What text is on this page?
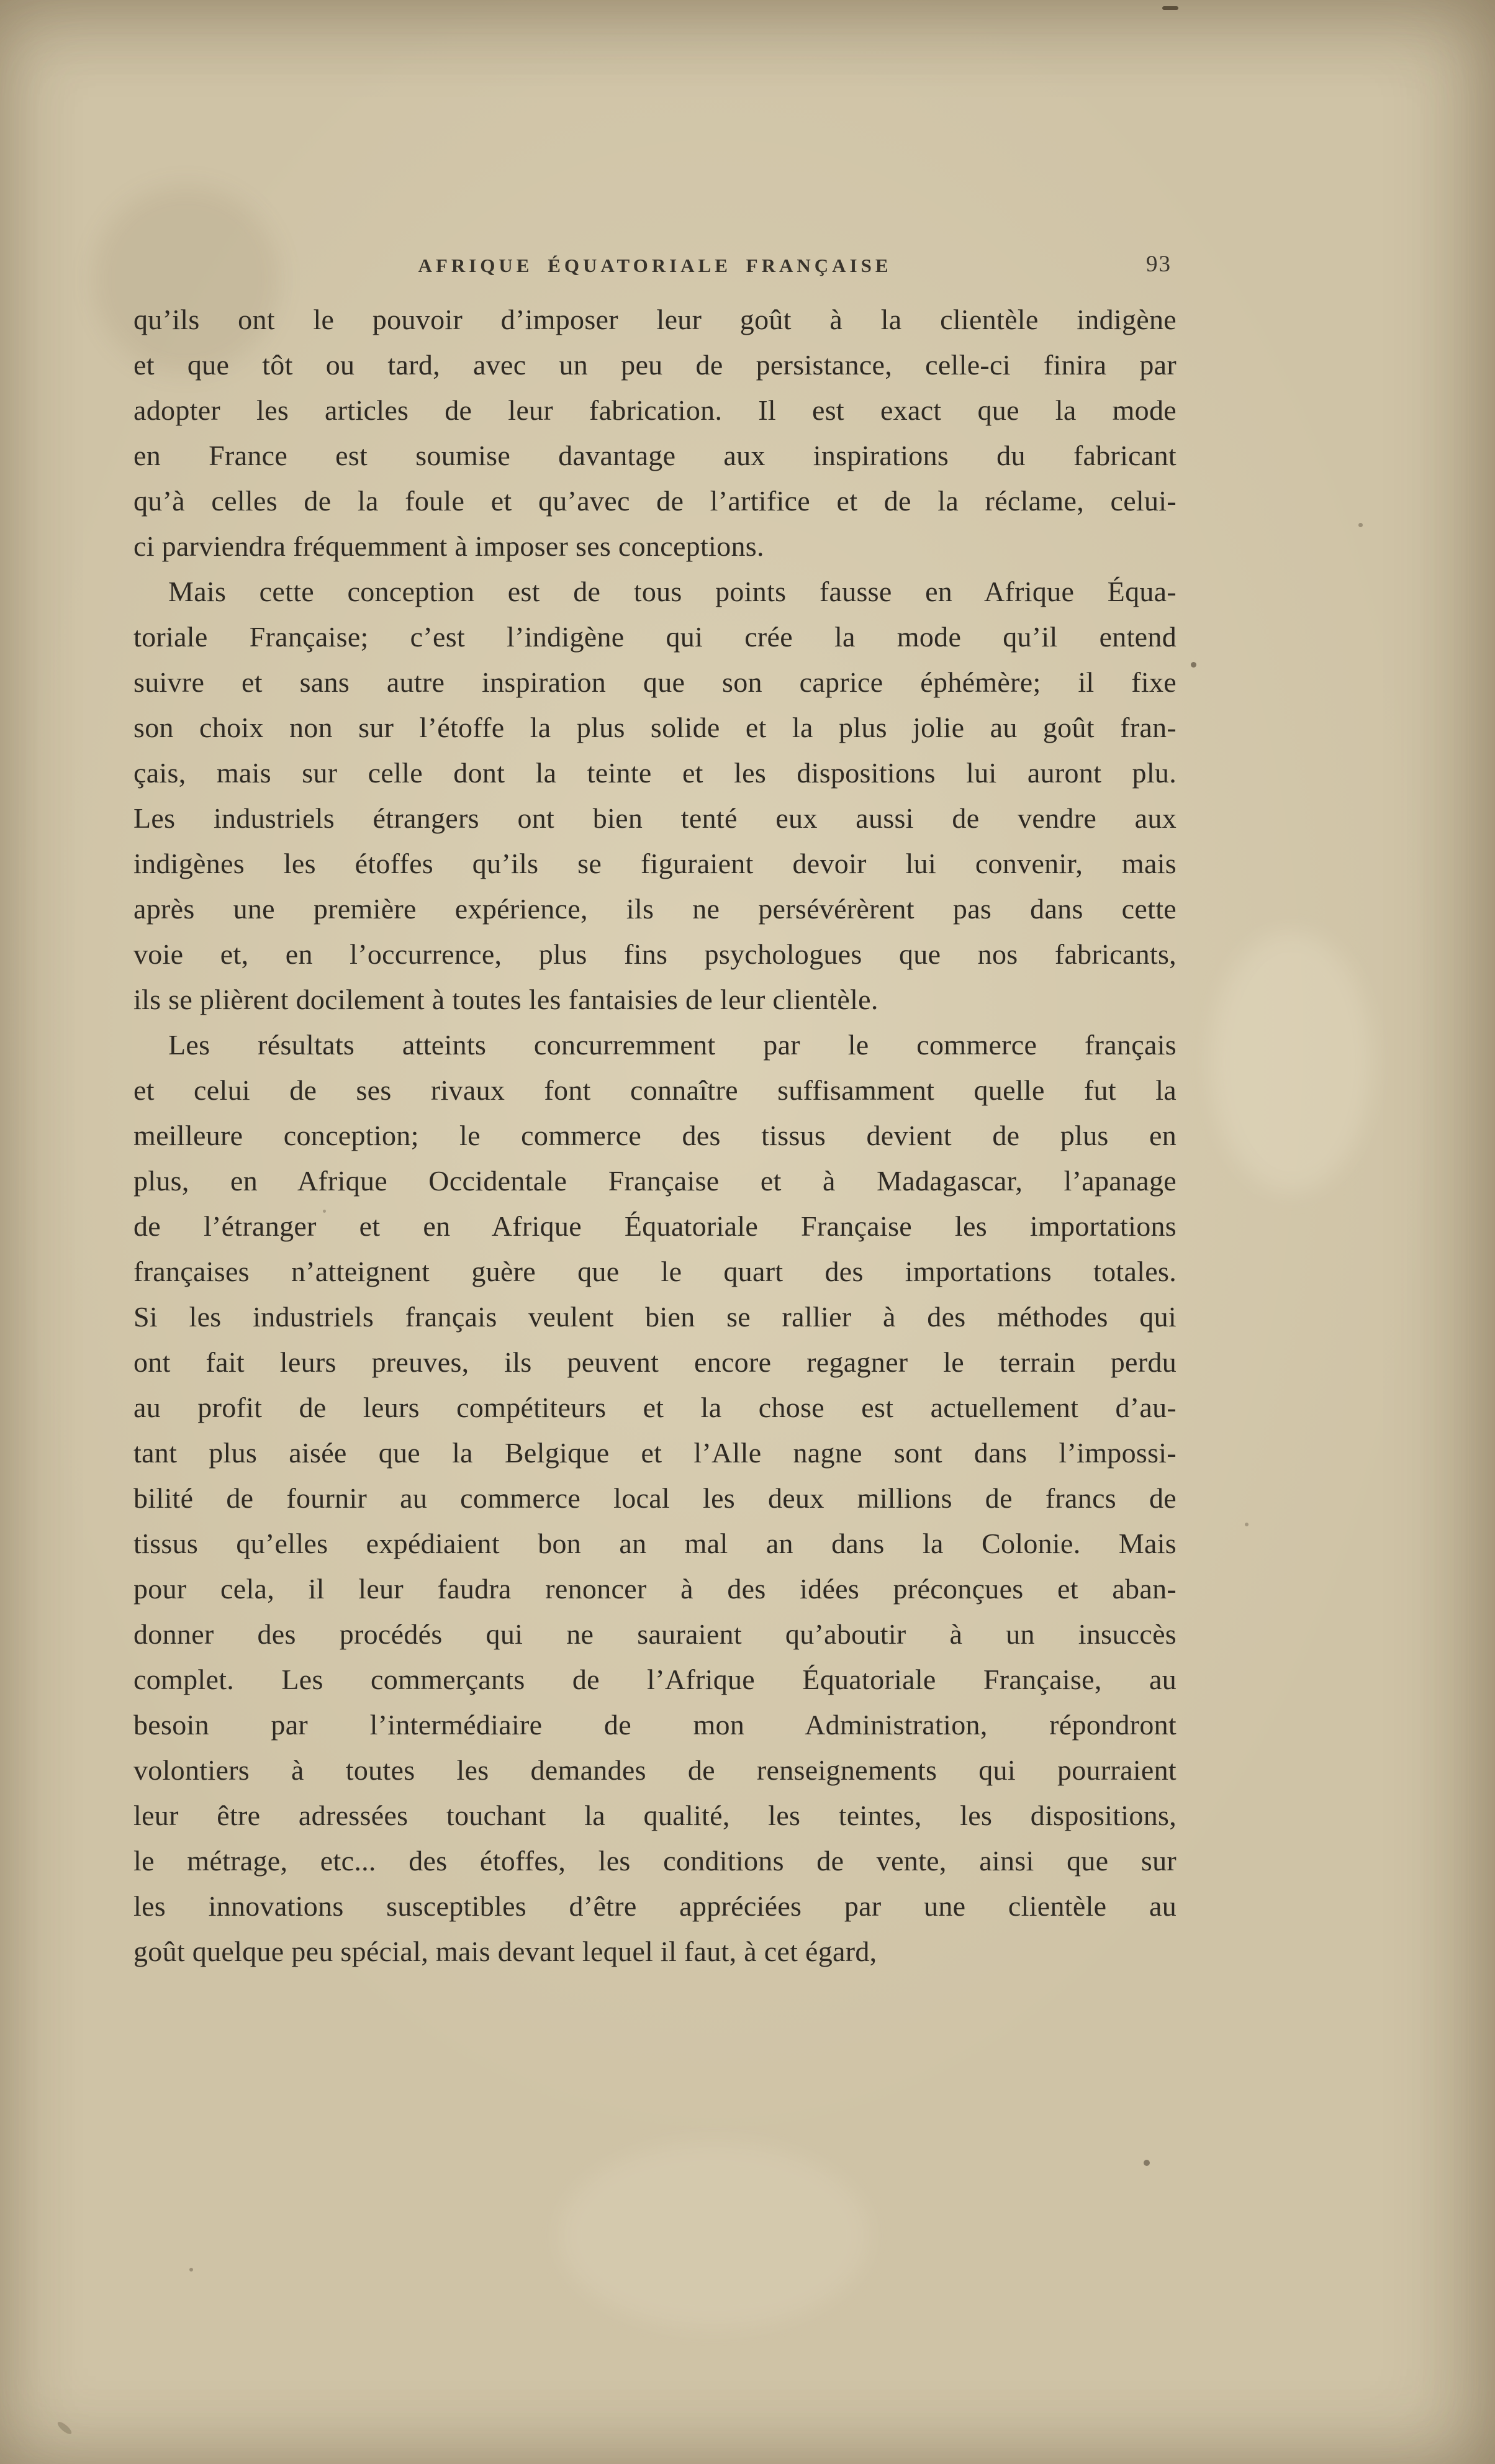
AFRIQUE ÉQUATORIALE FRANÇAISE	93
qu’ils ont le pouvoir d’imposer leur goût à la clientèle indigène
et que tôt ou tard, avec un peu de persistance, celle-ci finira par
adopter les articles de leur fabrication. Il est exact que la mode
en France est soumise davantage aux inspirations du fabricant
qu’à celles de la foule et qu’avec de l’artifice et de la réclame, celui-
ci parviendra fréquemment à imposer ses conceptions.
Mais cette conception est de tous points fausse en Afrique Équa-
toriale Française; c’est l’indigène qui crée la mode qu’il entend
suivre et sans autre inspiration que son caprice éphémère; il fixe
son choix non sur l’étoffe la plus solide et la plus jolie au goût fran-
çais, mais sur celle dont la teinte et les dispositions lui auront plu.
Les industriels étrangers ont bien tenté eux aussi de vendre aux
indigènes les étoffes qu’ils se figuraient devoir lui convenir, mais
après une première expérience, ils ne persévérèrent pas dans cette
voie et, en l’occurrence, plus fins psychologues que nos fabricants,
ils se plièrent docilement à toutes les fantaisies de leur clientèle.
Les résultats atteints concurremment par le commerce français
et celui de ses rivaux font connaître suffisamment quelle fut la
meilleure conception; le commerce des tissus devient de plus en
plus, en Afrique Occidentale Française et à Madagascar, l’apanage
de l’étranger et en Afrique Équatoriale Française les importations
françaises n’atteignent guère que le quart des importations totales.
Si les industriels français veulent bien se rallier à des méthodes qui
ont fait leurs preuves, ils peuvent encore regagner le terrain perdu
au profit de leurs compétiteurs et la chose est actuellement d’au-
tant plus aisée que la Belgique et l’Alle nagne sont dans l’impossi-
bilité de fournir au commerce local les deux millions de francs de
tissus qu’elles expédiaient bon an mal an dans la Colonie. Mais
pour cela, il leur faudra renoncer à des idées préconçues et aban-
donner des procédés qui ne sauraient qu’aboutir à un insuccès
complet. Les commerçants de l’Afrique Équatoriale Française, au
besoin par l’intermédiaire de mon Administration, répondront
volontiers à toutes les demandes de renseignements qui pourraient
leur être adressées touchant la qualité, les teintes, les dispositions,
le métrage, etc... des étoffes, les conditions de vente, ainsi que sur
les innovations susceptibles d’être appréciées par une clientèle au
goût quelque peu spécial, mais devant lequel il faut, à cet égard,
